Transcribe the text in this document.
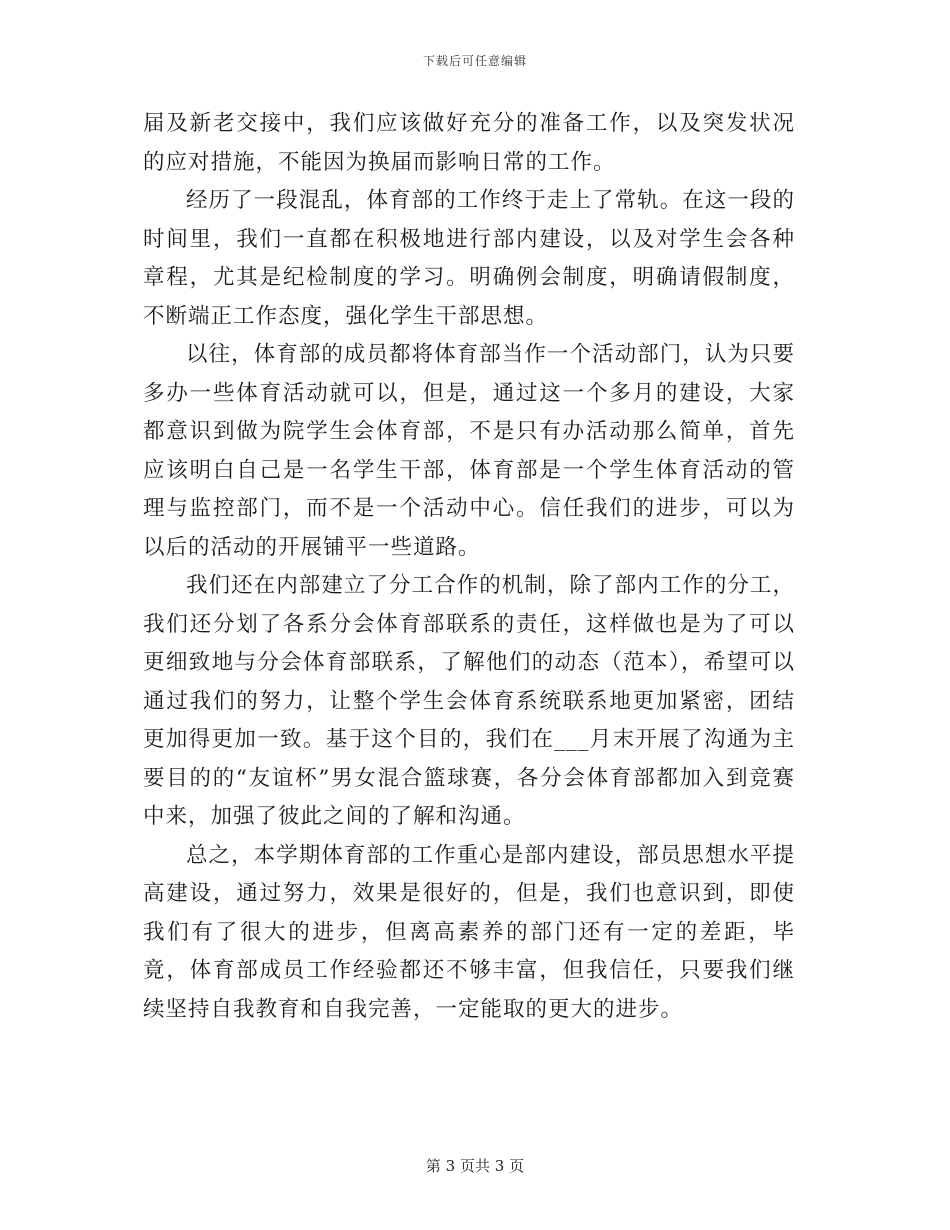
下载后可任意编辑

届及新老交接中，我们应该做好充分的准备工作，以及突发状况的应对措施，不能因为换届而影响日常的工作。

经历了一段混乱，体育部的工作终于走上了常轨。在这一段的时间里，我们一直都在积极地进行部内建设，以及对学生会各种章程，尤其是纪检制度的学习。明确例会制度，明确请假制度，不断端正工作态度，强化学生干部思想。

以往，体育部的成员都将体育部当作一个活动部门，认为只要多办一些体育活动就可以，但是，通过这一个多月的建设，大家都意识到做为院学生会体育部，不是只有办活动那么简单，首先应该明白自己是一名学生干部，体育部是一个学生体育活动的管理与监控部门，而不是一个活动中心。信任我们的进步，可以为以后的活动的开展铺平一些道路。

我们还在内部建立了分工合作的机制，除了部内工作的分工，我们还分划了各系分会体育部联系的责任，这样做也是为了可以更细致地与分会体育部联系，了解他们的动态（范本），希望可以通过我们的努力，让整个学生会体育系统联系地更加紧密，团结更加得更加一致。基于这个目的，我们在___月末开展了沟通为主要目的的“友谊杯”男女混合篮球赛，各分会体育部都加入到竞赛中来，加强了彼此之间的了解和沟通。

总之，本学期体育部的工作重心是部内建设，部员思想水平提高建设，通过努力，效果是很好的，但是，我们也意识到，即使我们有了很大的进步，但离高素养的部门还有一定的差距，毕竟，体育部成员工作经验都还不够丰富，但我信任，只要我们继续坚持自我教育和自我完善，一定能取的更大的进步。

第 3 页共 3 页
